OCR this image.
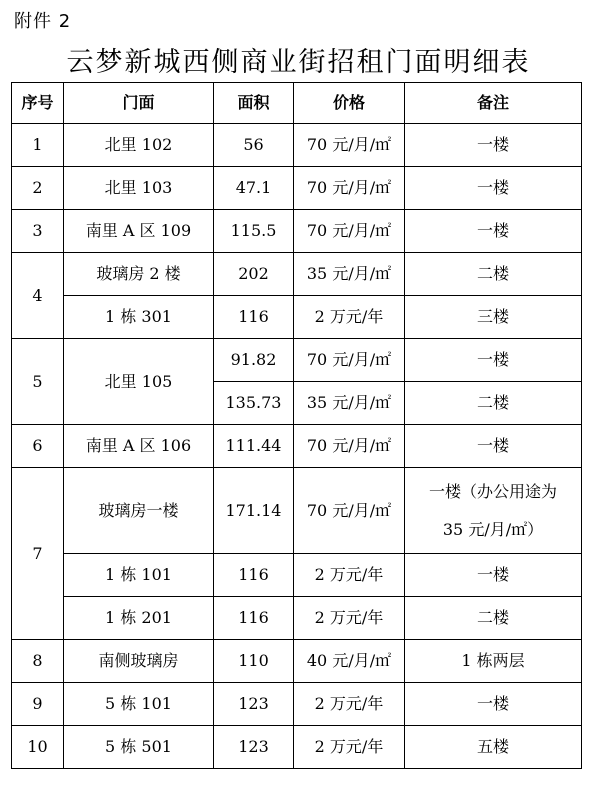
附件 2
云梦新城西侧商业街招租门面明细表
序号	门面	面积	价格	备注
1	北里 102	56	70 元/月/㎡	一楼
2	北里 103	47.1	70 元/月/㎡	一楼
3	南里 A 区 109	115.5	70 元/月/㎡	一楼
4	玻璃房 2 楼	202	35 元/月/㎡	二楼
	1 栋 301	116	2 万元/年	三楼
5	北里 105	91.82	70 元/月/㎡	一楼
		135.73	35 元/月/㎡	二楼
6	南里 A 区 106	111.44	70 元/月/㎡	一楼
7	玻璃房一楼	171.14	70 元/月/㎡	一楼（办公用途为
35 元/月/㎡）
	1 栋 101	116	2 万元/年	一楼
	1 栋 201	116	2 万元/年	二楼
8	南侧玻璃房	110	40 元/月/㎡	1 栋两层
9	5 栋 101	123	2 万元/年	一楼
10	5 栋 501	123	2 万元/年	五楼
